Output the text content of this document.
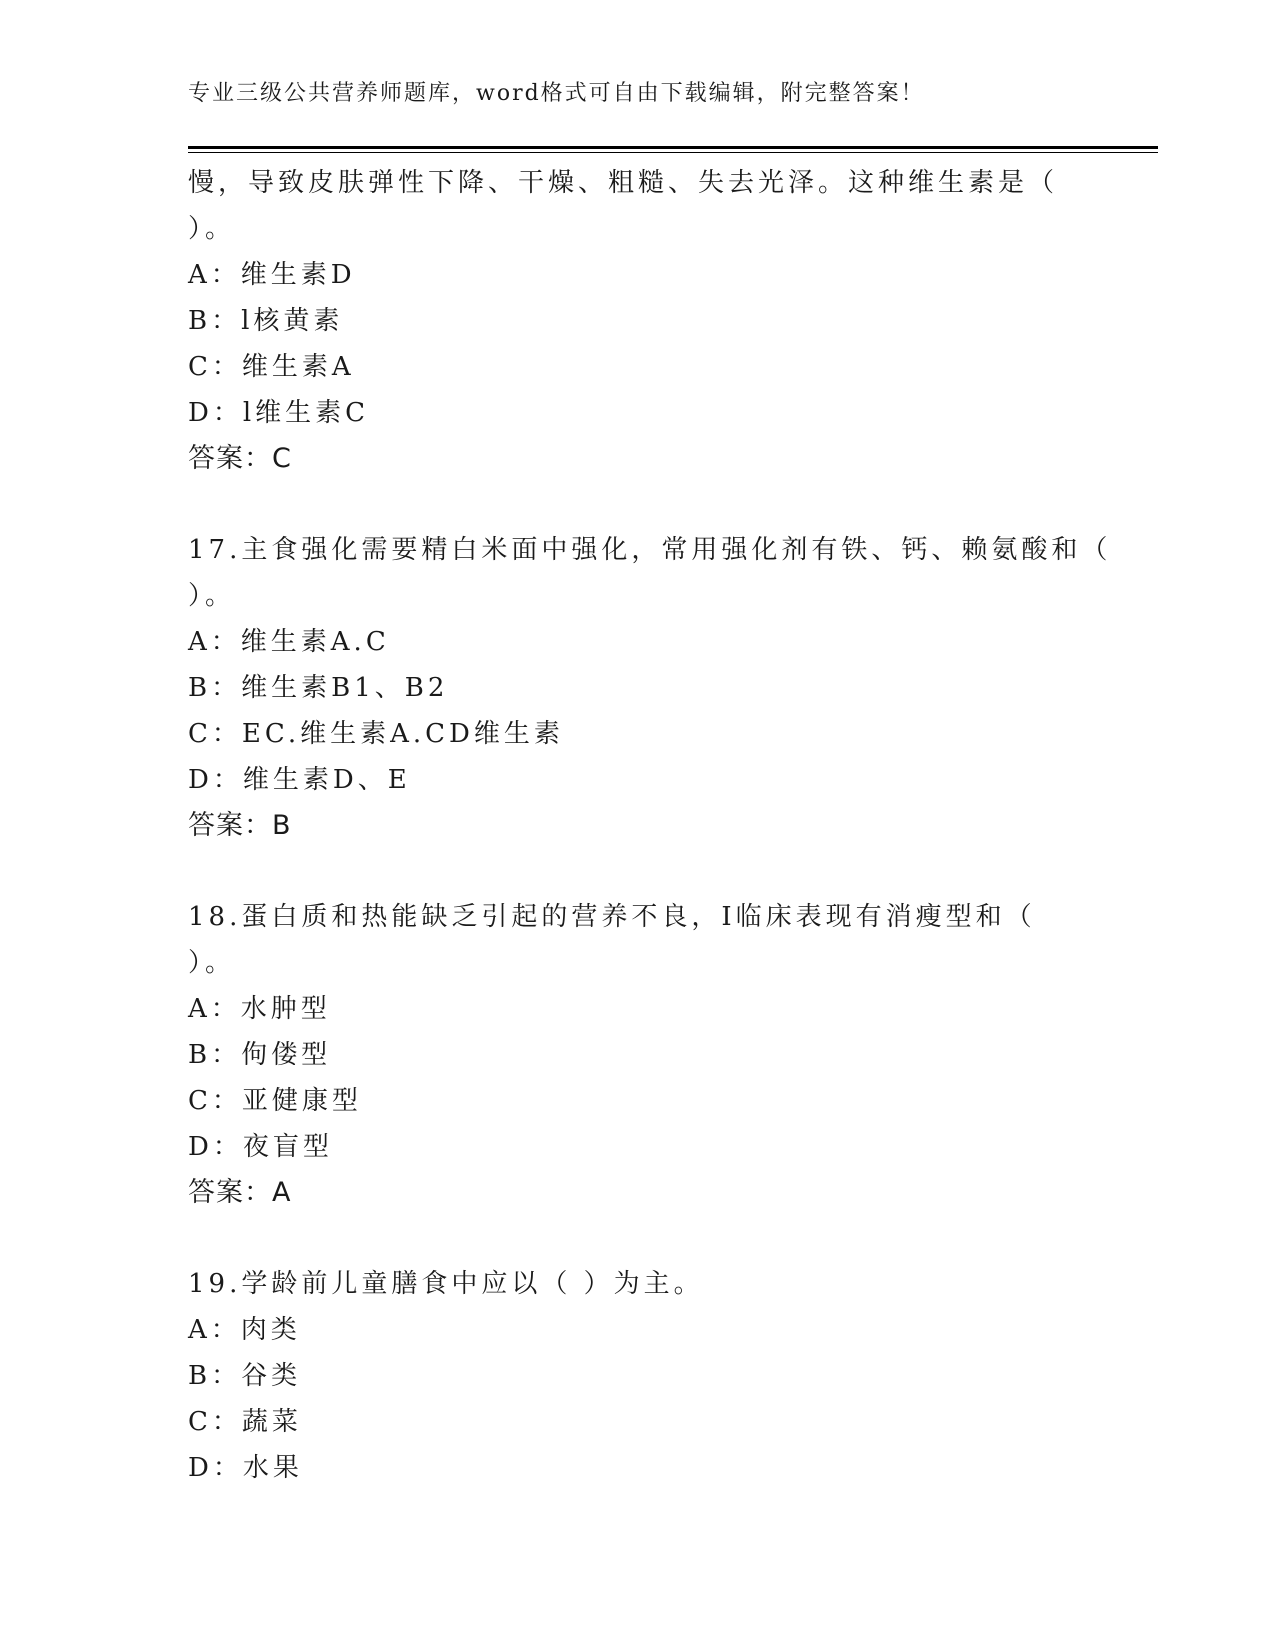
专业三级公共营养师题库，word格式可自由下载编辑，附完整答案！
慢，导致皮肤弹性下降、干燥、粗糙、失去光泽。这种维生素是（
）。
A：维生素D
B：l核黄素
C：维生素A
D：l维生素C
答案：C
17.主食强化需要精白米面中强化，常用强化剂有铁、钙、赖氨酸和（
）。
A：维生素A.C
B：维生素B1、B2
C：EC.维生素A.CD维生素
D：维生素D、E
答案：B
18.蛋白质和热能缺乏引起的营养不良，I临床表现有消瘦型和（
）。
A：水肿型
B：佝偻型
C：亚健康型
D：夜盲型
答案：A
19.学龄前儿童膳食中应以（ ）为主。
A：肉类
B：谷类
C：蔬菜
D：水果
